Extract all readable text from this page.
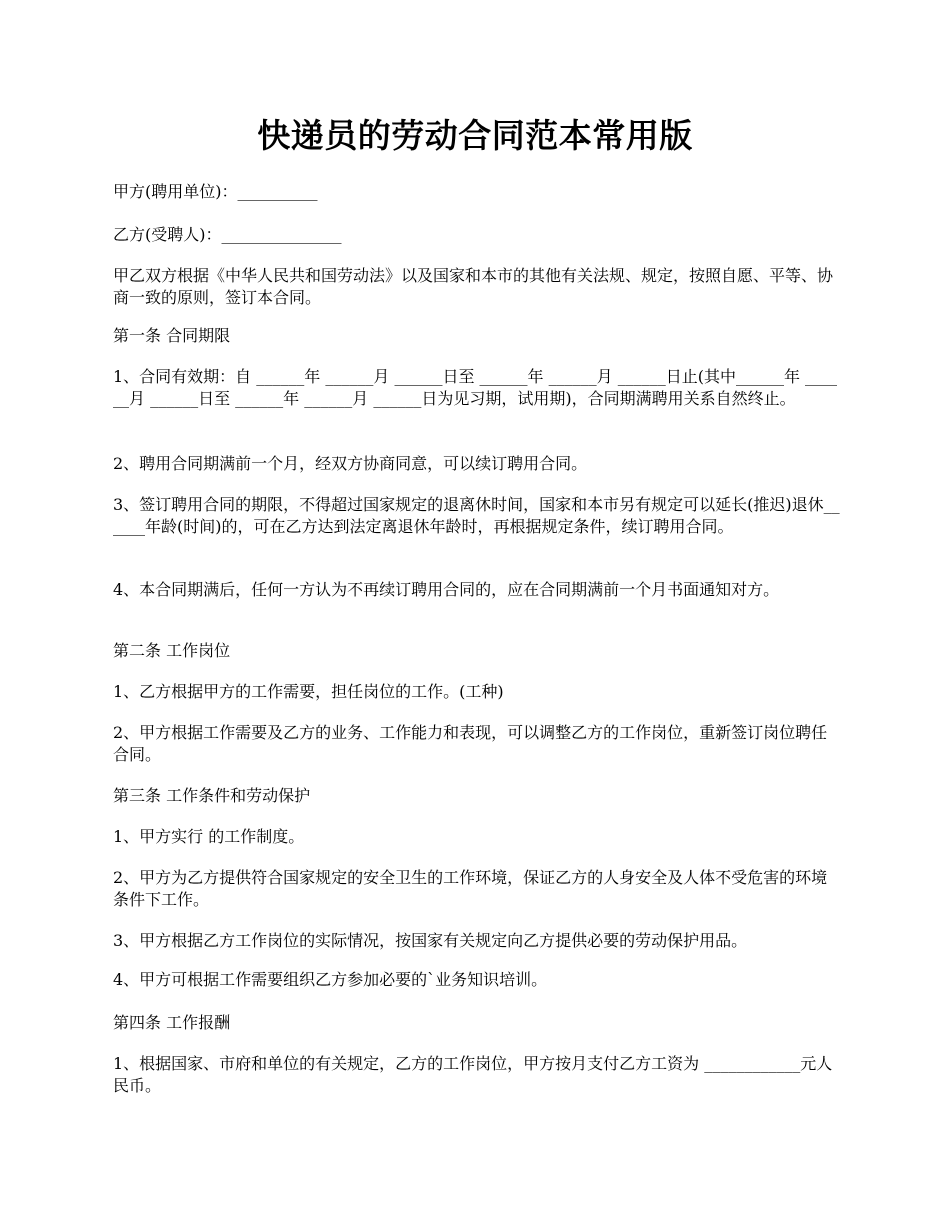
快递员的劳动合同范本常用版

甲方(聘用单位)：__________

乙方(受聘人)：_______________

甲乙双方根据《中华人民共和国劳动法》以及国家和本市的其他有关法规、规定，按照自愿、平等、协商一致的原则，签订本合同。

第一条 合同期限

1、合同有效期：自 ______年 ______月 ______日至 ______年 ______月 ______日止(其中______年 ______月 ______日至 ______年 ______月 ______日为见习期，试用期)，合同期满聘用关系自然终止。

2、聘用合同期满前一个月，经双方协商同意，可以续订聘用合同。

3、签订聘用合同的期限，不得超过国家规定的退离休时间，国家和本市另有规定可以延长(推迟)退休______年龄(时间)的，可在乙方达到法定离退休年龄时，再根据规定条件，续订聘用合同。

4、本合同期满后，任何一方认为不再续订聘用合同的，应在合同期满前一个月书面通知对方。

第二条 工作岗位

1、乙方根据甲方的工作需要，担任岗位的工作。(工种)

2、甲方根据工作需要及乙方的业务、工作能力和表现，可以调整乙方的工作岗位，重新签订岗位聘任合同。

第三条 工作条件和劳动保护

1、甲方实行 的工作制度。

2、甲方为乙方提供符合国家规定的安全卫生的工作环境，保证乙方的人身安全及人体不受危害的环境条件下工作。

3、甲方根据乙方工作岗位的实际情况，按国家有关规定向乙方提供必要的劳动保护用品。

4、甲方可根据工作需要组织乙方参加必要的`业务知识培训。

第四条 工作报酬

1、根据国家、市府和单位的有关规定，乙方的工作岗位，甲方按月支付乙方工资为 ____________元人民币。
